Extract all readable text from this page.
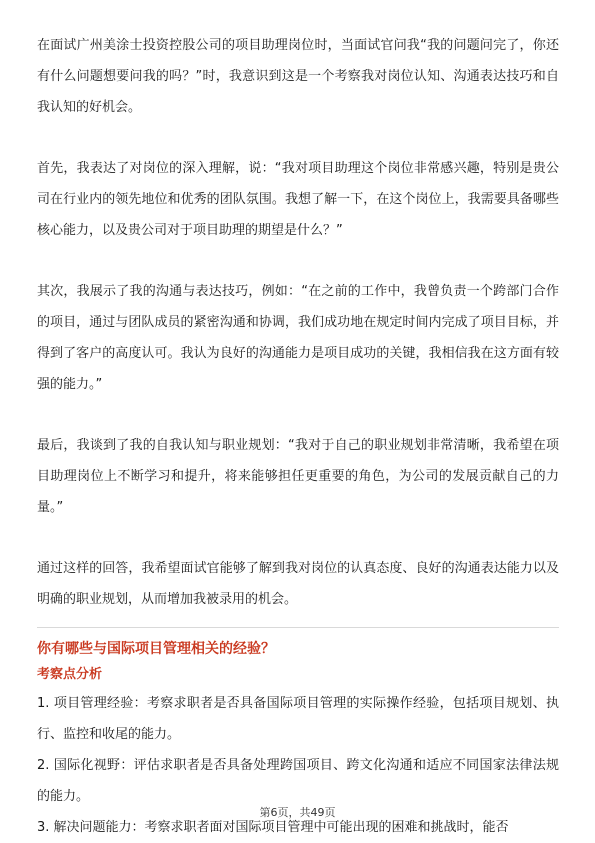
在面试广州美涂士投资控股公司的项目助理岗位时，当面试官问我“我的问题问完了，你还有什么问题想要问我的吗？”时，我意识到这是一个考察我对岗位认知、沟通表达技巧和自我认知的好机会。

首先，我表达了对岗位的深入理解，说：“我对项目助理这个岗位非常感兴趣，特别是贵公司在行业内的领先地位和优秀的团队氛围。我想了解一下，在这个岗位上，我需要具备哪些核心能力，以及贵公司对于项目助理的期望是什么？”

其次，我展示了我的沟通与表达技巧，例如：“在之前的工作中，我曾负责一个跨部门合作的项目，通过与团队成员的紧密沟通和协调，我们成功地在规定时间内完成了项目目标，并得到了客户的高度认可。我认为良好的沟通能力是项目成功的关键，我相信我在这方面有较强的能力。”

最后，我谈到了我的自我认知与职业规划：“我对于自己的职业规划非常清晰，我希望在项目助理岗位上不断学习和提升，将来能够担任更重要的角色，为公司的发展贡献自己的力量。”

通过这样的回答，我希望面试官能够了解到我对岗位的认真态度、良好的沟通表达能力以及明确的职业规划，从而增加我被录用的机会。

你有哪些与国际项目管理相关的经验？

考察点分析

1. 项目管理经验：考察求职者是否具备国际项目管理的实际操作经验，包括项目规划、执行、监控和收尾的能力。
2. 国际化视野：评估求职者是否具备处理跨国项目、跨文化沟通和适应不同国家法律法规的能力。
3. 解决问题能力：考察求职者面对国际项目管理中可能出现的困难和挑战时，能否
第6页，共49页
